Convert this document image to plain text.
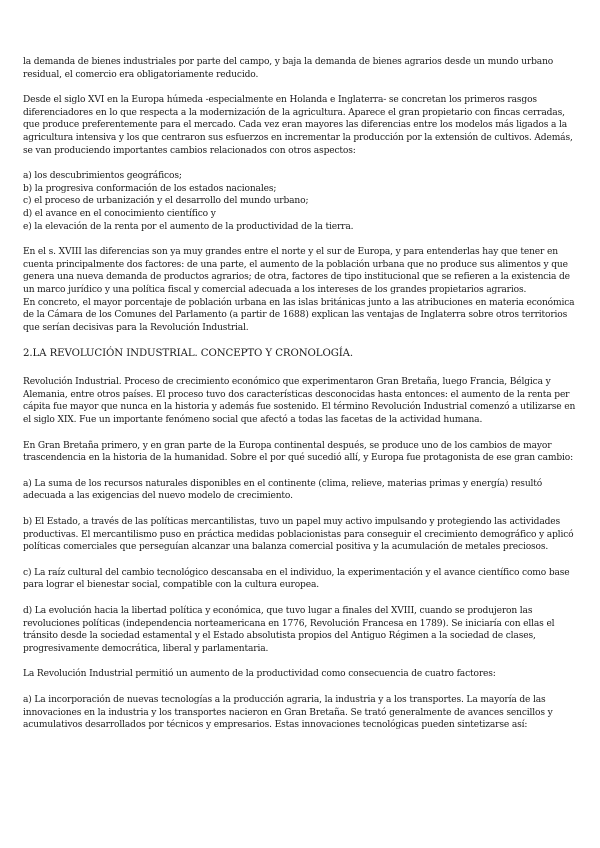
la demanda de bienes industriales por parte del campo, y baja la demanda de bienes agrarios desde un mundo urbano residual, el comercio era obligatoriamente reducido.

Desde el siglo XVI en la Europa húmeda -especialmente en Holanda e Inglaterra- se concretan los primeros rasgos diferenciadores en lo que respecta a la modernización de la agricultura. Aparece el gran propietario con fincas cerradas, que produce preferentemente para el mercado. Cada vez eran mayores las diferencias entre los modelos más ligados a la agricultura intensiva y los que centraron sus esfuerzos en incrementar la producción por la extensión de cultivos. Además, se van produciendo importantes cambios relacionados con otros aspectos:

a) los descubrimientos geográficos;
b) la progresiva conformación de los estados nacionales;
c) el proceso de urbanización y el desarrollo del mundo urbano;
d) el avance en el conocimiento científico y
e) la elevación de la renta por el aumento de la productividad de la tierra.

En el s. XVIII las diferencias son ya muy grandes entre el norte y el sur de Europa, y para entenderlas hay que tener en cuenta principalmente dos factores: de una parte, el aumento de la población urbana que no produce sus alimentos y que genera una nueva demanda de productos agrarios; de otra, factores de tipo institucional que se refieren a la existencia de un marco jurídico y una política fiscal y comercial adecuada a los intereses de los grandes propietarios agrarios.

En concreto, el mayor porcentaje de población urbana en las islas británicas junto a las atribuciones en materia económica de la Cámara de los Comunes del Parlamento (a partir de 1688) explican las ventajas de Inglaterra sobre otros territorios que serían decisivas para la Revolución Industrial.

2.LA REVOLUCIÓN INDUSTRIAL. CONCEPTO Y CRONOLOGÍA.

Revolución Industrial. Proceso de crecimiento económico que experimentaron Gran Bretaña, luego Francia, Bélgica y Alemania, entre otros países. El proceso tuvo dos características desconocidas hasta entonces: el aumento de la renta per cápita fue mayor que nunca en la historia y además fue sostenido. El término Revolución Industrial comenzó a utilizarse en el siglo XIX. Fue un importante fenómeno social que afectó a todas las facetas de la actividad humana.

En Gran Bretaña primero, y en gran parte de la Europa continental después, se produce uno de los cambios de mayor trascendencia en la historia de la humanidad. Sobre el por qué sucedió allí, y Europa fue protagonista de ese gran cambio:

a) La suma de los recursos naturales disponibles en el continente (clima, relieve, materias primas y energía) resultó adecuada a las exigencias del nuevo modelo de crecimiento.

b) El Estado, a través de las políticas mercantilistas, tuvo un papel muy activo impulsando y protegiendo las actividades productivas. El mercantilismo puso en práctica medidas poblacionistas para conseguir el crecimiento demográfico y aplicó políticas comerciales que perseguían alcanzar una balanza comercial positiva y la acumulación de metales preciosos.

c) La raíz cultural del cambio tecnológico descansaba en el individuo, la experimentación y el avance científico como base para lograr el bienestar social, compatible con la cultura europea.

d) La evolución hacia la libertad política y económica, que tuvo lugar a finales del XVIII, cuando se produjeron las revoluciones políticas (independencia norteamericana en 1776, Revolución Francesa en 1789). Se iniciaría con ellas el tránsito desde la sociedad estamental y el Estado absolutista propios del Antiguo Régimen a la sociedad de clases, progresivamente democrática, liberal y parlamentaria.

La Revolución Industrial permitió un aumento de la productividad como consecuencia de cuatro factores:

a) La incorporación de nuevas tecnologías a la producción agraria, la industria y a los transportes. La mayoría de las innovaciones en la industria y los transportes nacieron en Gran Bretaña. Se trató generalmente de avances sencillos y acumulativos desarrollados por técnicos y empresarios. Estas innovaciones tecnológicas pueden sintetizarse así:
